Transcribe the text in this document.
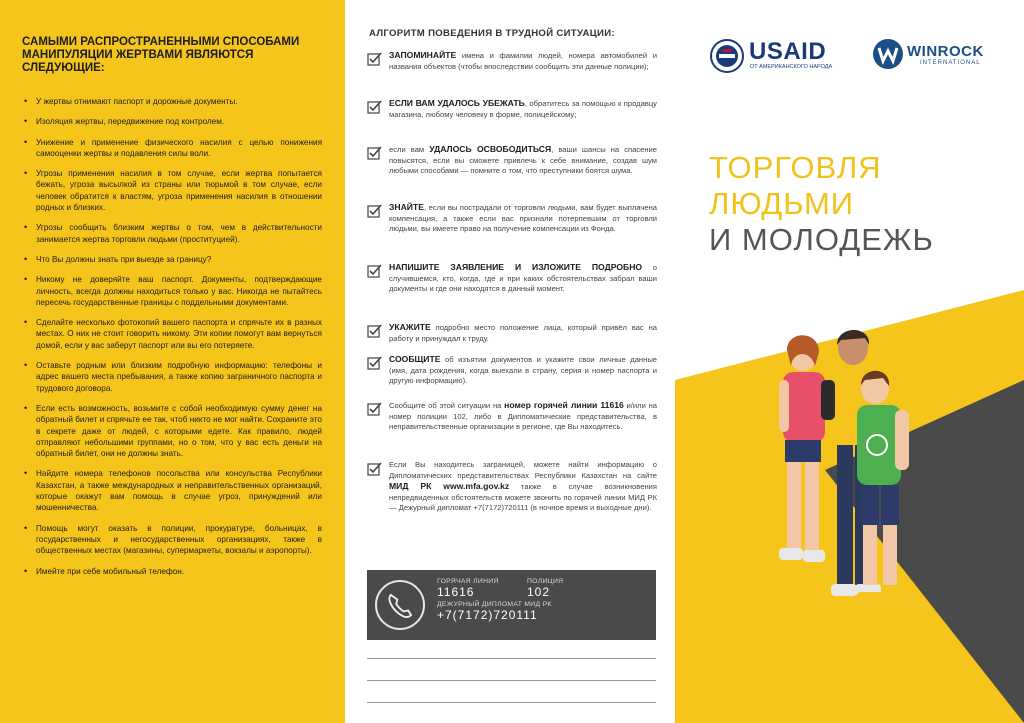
САМЫМИ РАСПРОСТРАНЕННЫМИ СПОСОБАМИ МАНИПУЛЯЦИИ ЖЕРТВАМИ ЯВЛЯЮТСЯ СЛЕДУЮЩИЕ:
• У жертвы отнимают паспорт и дорожные документы.
• Изоляция жертвы, передвижение под контролем.
• Унижение и применение физического насилия с целью понижения самооценки жертвы и подавления силы воли.
• Угрозы применения насилия в том случае, если жертва попытается бежать, угроза высылкой из страны или тюрьмой в том случае, если человек обратится к властям, угроза применения насилия в отношении родных и близких.
• Угрозы сообщить близким жертвы о том, чем в действительности занимается жертва торговли людьми (проституцией).
• Что Вы должны знать при выезде за границу?
• Никому не доверяйте ваш паспорт. Документы, подтверждающие личность, всегда должны находиться только у вас. Никогда не пытайтесь пересечь государственные границы с поддельными документами.
• Сделайте несколько фотокопий вашего паспорта и спрячьте их в разных местах. О них не стоит говорить никому. Эти копии помогут вам вернуться домой, если у вас заберут паспорт или вы его потеряете.
• Оставьте родным или близким подробную информацию: телефоны и адрес вашего места пребывания, а также копию заграничного паспорта и трудового договора.
• Если есть возможность, возьмите с собой необходимую сумму денег на обратный билет и спрячьте ее так, чтоб никто не мог найти. Сохраните это в секрете даже от людей, с которыми едете. Как правило, людей отправляют небольшими группами, но о том, что у вас есть деньги на обратный билет, они не должны знать.
• Найдите номера телефонов посольства или консульства Республики Казахстан, а также международных и неправительственных организаций, которые окажут вам помощь в случае угроз, принуждений или мошенничества.
• Помощь могут оказать в полиции, прокуратуре, больницах, в государственных и негосударственных организациях, также в общественных местах (магазины, супермаркеты, вокзалы и аэропорты).
• Имейте при себе мобильный телефон.
АЛГОРИТМ ПОВЕДЕНИЯ В ТРУДНОЙ СИТУАЦИИ:
ЗАПОМИНАЙТЕ имена и фамилии людей, номера автомобилей и названия объектов (чтобы впоследствии сообщить эти данные полиции);
ЕСЛИ ВАМ УДАЛОСЬ УБЕЖАТЬ, обратитесь за помощью к продавцу магазина, любому человеку в форме, полицейскому;
если вам УДАЛОСЬ ОСВОБОДИТЬСЯ, ваши шансы на спасение повысятся, если вы сможете привлечь к себе внимание, создав шум любыми способами — помните о том, что преступники боятся шума.
ЗНАЙТЕ, если вы пострадали от торговли людьми, вам будет выплачена компенсация, а также если вас признали потерпевшим от торговли людьми, вы имеете право на получение компенсации из Фонда.
НАПИШИТЕ ЗАЯВЛЕНИЕ И ИЗЛОЖИТЕ ПОДРОБНО о случившемся, кто, когда, где и при каких обстоятельствах забрал ваши документы и где они находятся в данный момент.
УКАЖИТЕ подробно место положение лица, который привёл вас на работу и принуждал к труду.
СООБЩИТЕ об изъятии документов и укажите свои личные данные (имя, дата рождения, когда выехали в страну, серия и номер паспорта и другую информацию).
Сообщите об этой ситуации на номер горячей линии 11616 и/или на номер полиции 102, либо в Дипломатические представительства, в неправительственные организации в регионе, где Вы находитесь.
Если Вы находитесь заграницей, можете найти информацию о Дипломатических представительствах Республики Казахстан на сайте МИД РК www.mfa.gov.kz также в случае возникновения непредвиденных обстоятельств можете звонить по горячей линии МИД РК — Дежурный дипломат +7(7172)720111 (в ночное время и выходные дни).
ГОРЯЧАЯ ЛИНИЯ
11616
ПОЛИЦИЯ
102
ДЕЖУРНЫЙ ДИПЛОМАТ МИД РК
+7(7172)720111
USAID
ОТ АМЕРИКАНСКОГО НАРОДА
WINROCK
INTERNATIONAL
ТОРГОВЛЯ
ЛЮДЬМИ
И МОЛОДЕЖЬ
